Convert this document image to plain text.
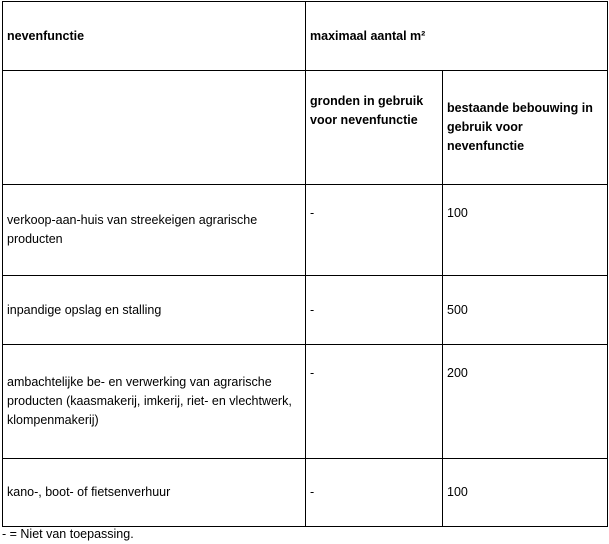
nevenfunctie	maximaal aantal m²	
	gronden in gebruik voor nevenfunctie	bestaande bebouwing in gebruik voor nevenfunctie
verkoop-aan-huis van streekeigen agrarische producten	-	100
inpandige opslag en stalling	-	500
ambachtelijke be- en verwerking van agrarische producten (kaasmakerij, imkerij, riet- en vlechtwerk, klompenmakerij)	-	200
kano-, boot- of fietsenverhuur	-	100
- = Niet van toepassing.
